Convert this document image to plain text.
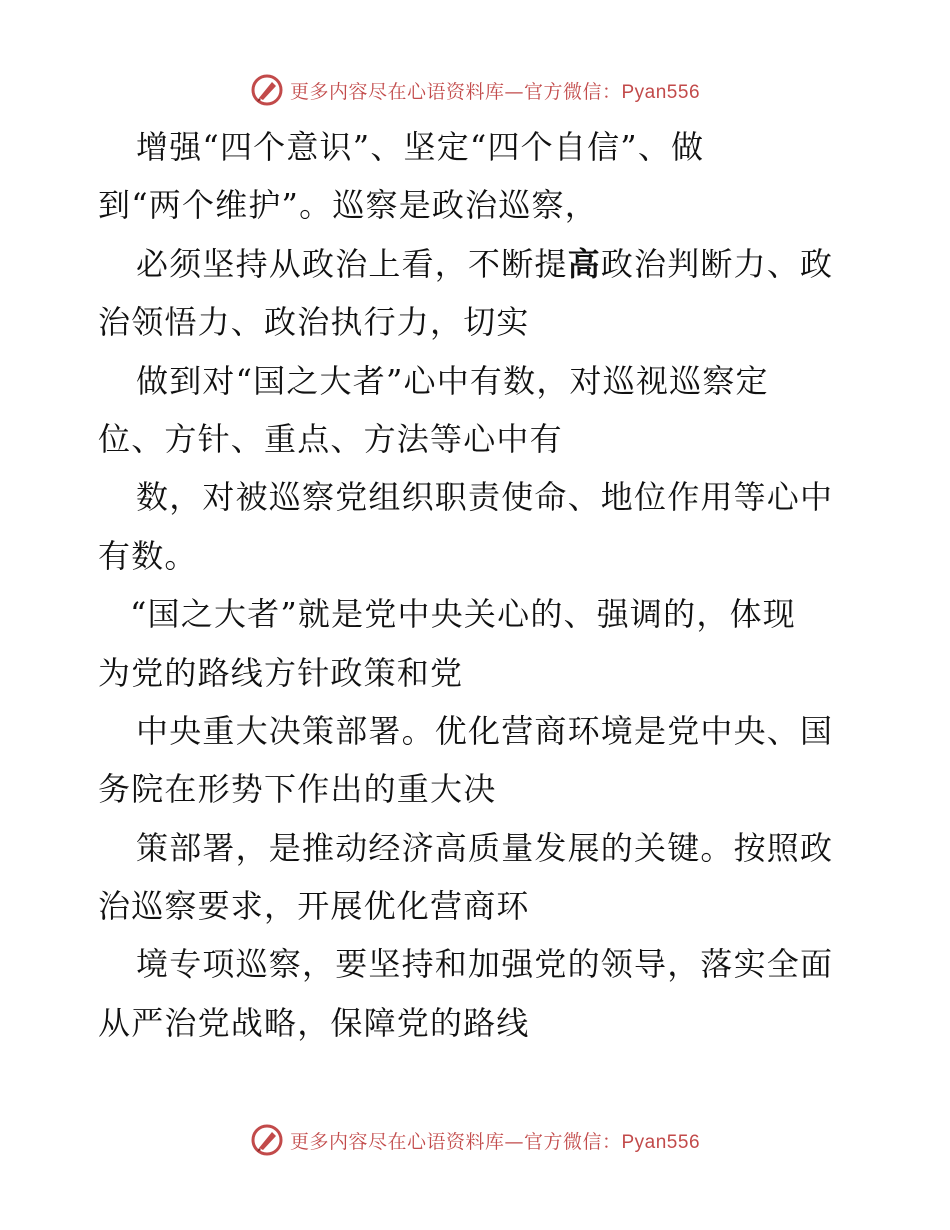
更多内容尽在心语资料库—官方微信：Pyan556
增强“四个意识”、坚定“四个自信”、做
到“两个维护”。巡察是政治巡察，
必须坚持从政治上看，不断提高政治判断力、政
治领悟力、政治执行力，切实
做到对“国之大者”心中有数，对巡视巡察定
位、方针、重点、方法等心中有
数，对被巡察党组织职责使命、地位作用等心中
有数。
“国之大者”就是党中央关心的、强调的，体现
为党的路线方针政策和党
中央重大决策部署。优化营商环境是党中央、国
务院在形势下作出的重大决
策部署，是推动经济高质量发展的关键。按照政
治巡察要求，开展优化营商环
境专项巡察，要坚持和加强党的领导，落实全面
从严治党战略，保障党的路线
更多内容尽在心语资料库—官方微信：Pyan556
